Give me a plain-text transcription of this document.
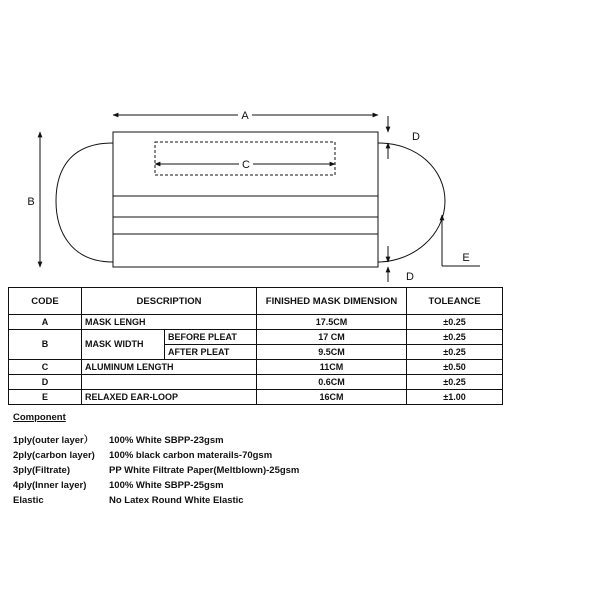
A
C
B
D
D
E
CODE	DESCRIPTION		FINISHED MASK DIMENSION	TOLEANCE
A	MASK LENGH		17.5CM	±0.25
B	MASK WIDTH	BEFORE PLEAT	17 CM	±0.25
		AFTER PLEAT	9.5CM	±0.25
C	ALUMINUM LENGTH		11CM	±0.50
D			0.6CM	±0.25
E	RELAXED EAR-LOOP		16CM	±1.00
Component
1ply(outer layer）	100% White SBPP-23gsm
2ply(carbon layer)	100% black carbon materails-70gsm
3ply(Filtrate)	PP White Filtrate Paper(Meltblown)-25gsm
4ply(Inner layer)	100% White SBPP-25gsm
Elastic	No Latex Round White Elastic
